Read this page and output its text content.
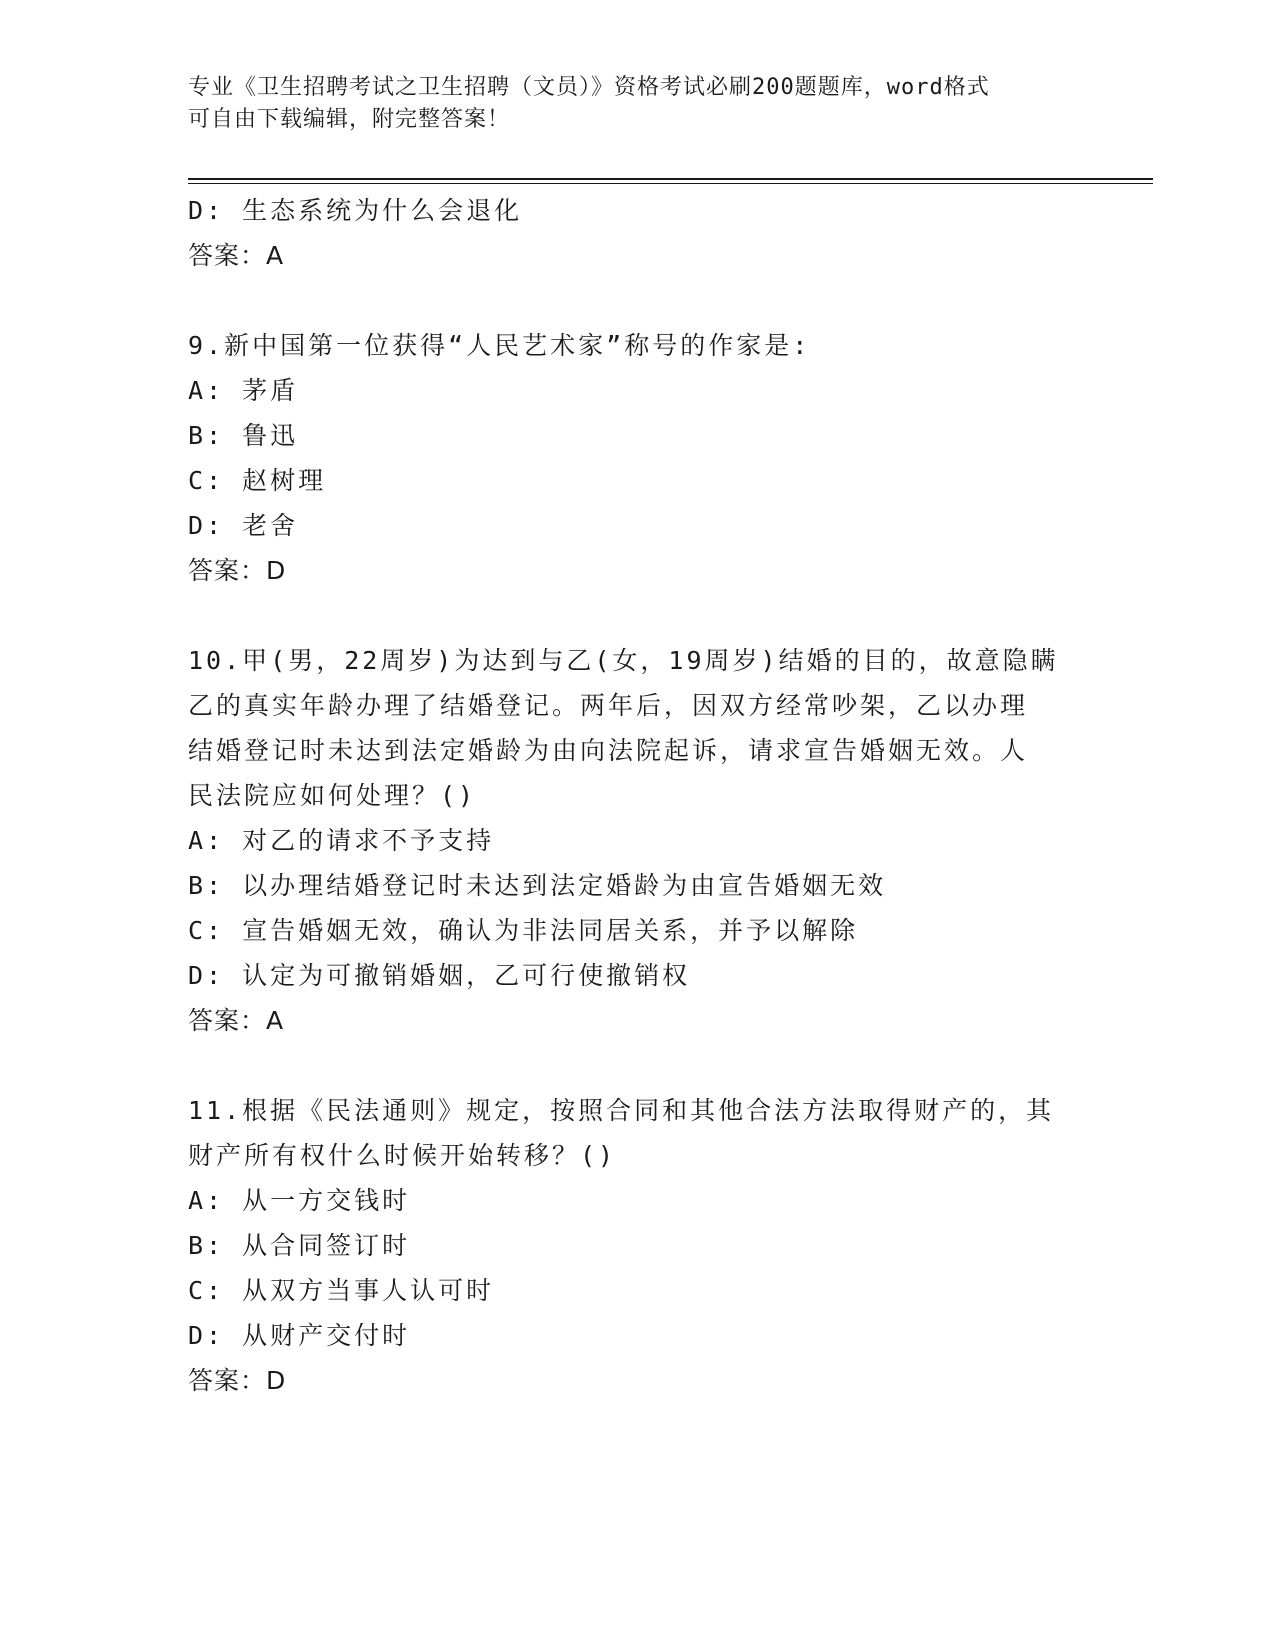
专业《卫生招聘考试之卫生招聘（文员）》资格考试必刷200题题库，word格式
可自由下载编辑，附完整答案！
D: 生态系统为什么会退化
答案：A
9.新中国第一位获得“人民艺术家”称号的作家是:
A: 茅盾
B: 鲁迅
C: 赵树理
D: 老舍
答案：D
10.甲(男，22周岁)为达到与乙(女，19周岁)结婚的目的，故意隐瞒
乙的真实年龄办理了结婚登记。两年后，因双方经常吵架，乙以办理
结婚登记时未达到法定婚龄为由向法院起诉，请求宣告婚姻无效。人
民法院应如何处理？()
A: 对乙的请求不予支持
B: 以办理结婚登记时未达到法定婚龄为由宣告婚姻无效
C: 宣告婚姻无效，确认为非法同居关系，并予以解除
D: 认定为可撤销婚姻，乙可行使撤销权
答案：A
11.根据《民法通则》规定，按照合同和其他合法方法取得财产的，其
财产所有权什么时候开始转移？()
A: 从一方交钱时
B: 从合同签订时
C: 从双方当事人认可时
D: 从财产交付时
答案：D
